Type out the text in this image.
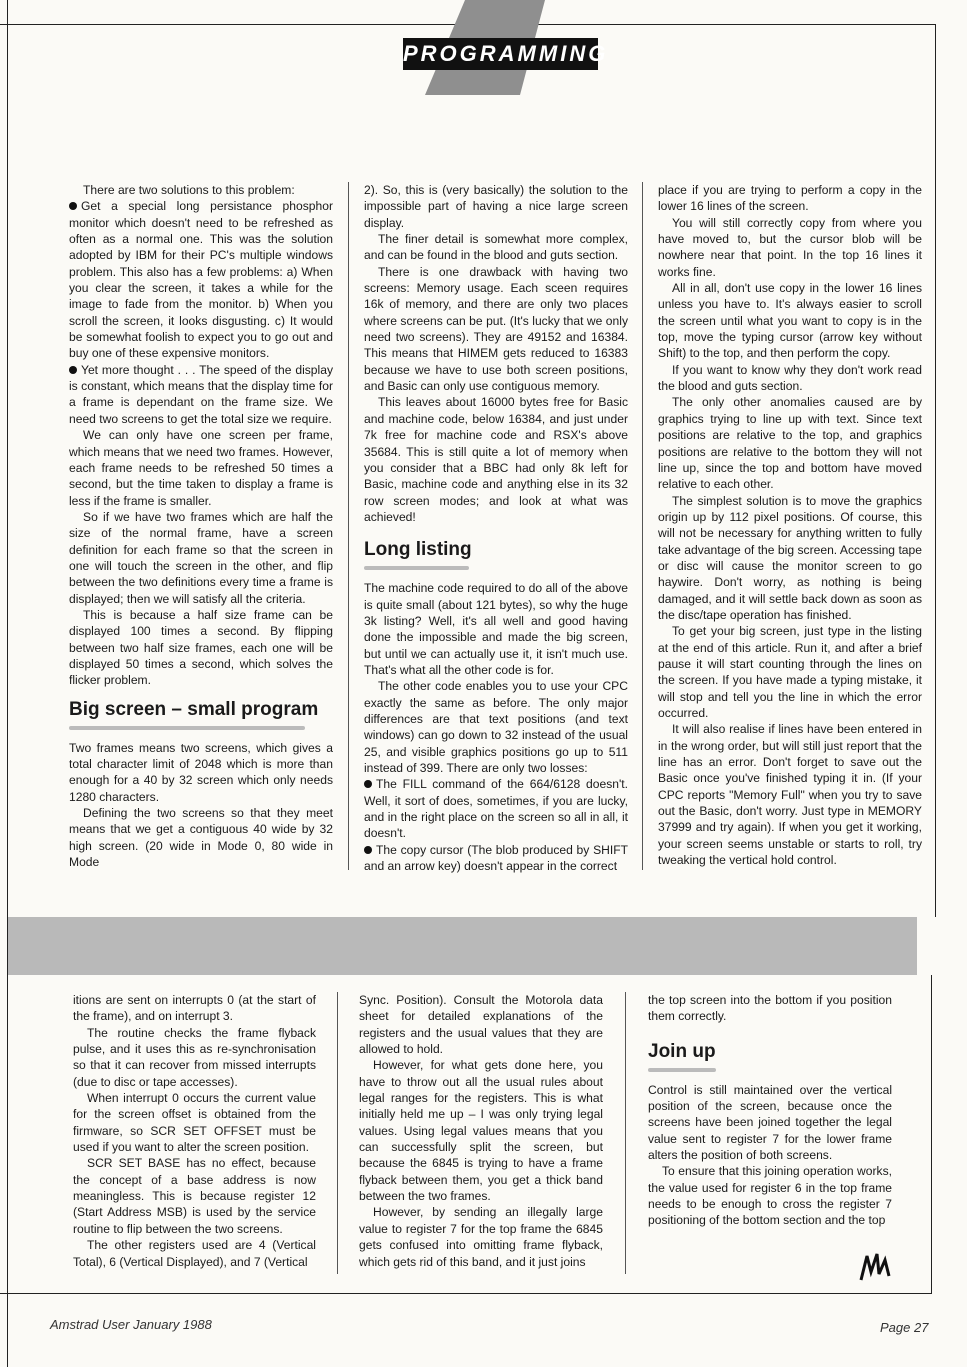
PROGRAMMING

There are two solutions to this problem:

Get a special long persistance phosphor monitor which doesn't need to be refreshed as often as a normal one. This was the solution adopted by IBM for their PC's multiple windows problem. This also has a few problems: a) When you clear the screen, it takes a while for the image to fade from the monitor. b) When you scroll the screen, it looks disgusting. c) It would be somewhat foolish to expect you to go out and buy one of these expensive monitors.

Yet more thought . . . The speed of the display is constant, which means that the display time for a frame is dependant on the frame size. We need two screens to get the total size we require.

We can only have one screen per frame, which means that we need two frames. However, each frame needs to be refreshed 50 times a second, but the time taken to display a frame is less if the frame is smaller.

So if we have two frames which are half the size of the normal frame, have a screen definition for each frame so that the screen in one will touch the screen in the other, and flip between the two definitions every time a frame is displayed; then we will satisfy all the criteria.

This is because a half size frame can be displayed 100 times a second. By flipping between two half size frames, each one will be displayed 50 times a second, which solves the flicker problem.

Big screen – small program

Two frames means two screens, which gives a total character limit of 2048 which is more than enough for a 40 by 32 screen which only needs 1280 characters.

Defining the two screens so that they meet means that we get a contiguous 40 wide by 32 high screen. (20 wide in Mode 0, 80 wide in Mode

2). So, this is (very basically) the solution to the impossible part of having a nice large screen display.

The finer detail is somewhat more complex, and can be found in the blood and guts section.

There is one drawback with having two screens: Memory usage. Each sceen requires 16k of memory, and there are only two places where screens can be put. (It's lucky that we only need two screens). They are 49152 and 16384. This means that HIMEM gets reduced to 16383 because we have to use both screen positions, and Basic can only use contiguous memory.

This leaves about 16000 bytes free for Basic and machine code, below 16384, and just under 7k free for machine code and RSX's above 35684. This is still quite a lot of memory when you consider that a BBC had only 8k left for Basic, machine code and anything else in its 32 row screen modes; and look at what was achieved!

Long listing

The machine code required to do all of the above is quite small (about 121 bytes), so why the huge 3k listing? Well, it's all well and good having done the impossible and made the big screen, but until we can actually use it, it isn't much use. That's what all the other code is for.

The other code enables you to use your CPC exactly the same as before. The only major differences are that text positions (and text windows) can go down to 32 instead of the usual 25, and visible graphics positions go up to 511 instead of 399. There are only two losses:

The FILL command of the 664/6128 doesn't. Well, it sort of does, sometimes, if you are lucky, and in the right place on the screen so all in all, it doesn't.

The copy cursor (The blob produced by SHIFT and an arrow key) doesn't appear in the correct

place if you are trying to perform a copy in the lower 16 lines of the screen.

You will still correctly copy from where you have moved to, but the cursor blob will be nowhere near that point. In the top 16 lines it works fine.

All in all, don't use copy in the lower 16 lines unless you have to. It's always easier to scroll the screen until what you want to copy is in the top, move the typing cursor (arrow key without Shift) to the top, and then perform the copy.

If you want to know why they don't work read the blood and guts section.

The only other anomalies caused are by graphics trying to line up with text. Since text positions are relative to the top, and graphics positions are relative to the bottom they will not line up, since the top and bottom have moved relative to each other.

The simplest solution is to move the graphics origin up by 112 pixel positions. Of course, this will not be necessary for anything written to fully take advantage of the big screen. Accessing tape or disc will cause the monitor screen to go haywire. Don't worry, as nothing is being damaged, and it will settle back down as soon as the disc/tape operation has finished.

To get your big screen, just type in the listing at the end of this article. Run it, and after a brief pause it will start counting through the lines on the screen. If you have made a typing mistake, it will stop and tell you the line in which the error occurred.

It will also realise if lines have been entered in in the wrong order, but will still just report that the line has an error. Don't forget to save out the Basic once you've finished typing it in. (If your CPC reports "Memory Full" when you try to save out the Basic, don't worry. Just type in MEMORY 37999 and try again). If when you get it working, your screen seems unstable or starts to roll, try tweaking the vertical hold control.

itions are sent on interrupts 0 (at the start of the frame), and on interrupt 3.

The routine checks the frame flyback pulse, and it uses this as re-synchronisation so that it can recover from missed interrupts (due to disc or tape accesses).

When interrupt 0 occurs the current value for the screen offset is obtained from the firmware, so SCR SET OFFSET must be used if you want to alter the screen position.

SCR SET BASE has no effect, because the concept of a base address is now meaningless. This is because register 12 (Start Address MSB) is used by the service routine to flip between the two screens.

The other registers used are 4 (Vertical Total), 6 (Vertical Displayed), and 7 (Vertical

Sync. Position). Consult the Motorola data sheet for detailed explanations of the registers and the usual values that they are allowed to hold.

However, for what gets done here, you have to throw out all the usual rules about legal ranges for the registers. This is what initially held me up – I was only trying legal values. Using legal values means that you can successfully split the screen, but because the 6845 is trying to have a frame flyback between them, you get a thick band between the two frames.

However, by sending an illegally large value to register 7 for the top frame the 6845 gets confused into omitting frame flyback, which gets rid of this band, and it just joins

the top screen into the bottom if you position them correctly.

Join up

Control is still maintained over the vertical position of the screen, because once the screens have been joined together the legal value sent to register 7 for the lower frame alters the position of both screens.

To ensure that this joining operation works, the value used for register 6 in the top frame needs to be enough to cross the register 7 positioning of the bottom section and the top

Amstrad User January 1988	Page 27
